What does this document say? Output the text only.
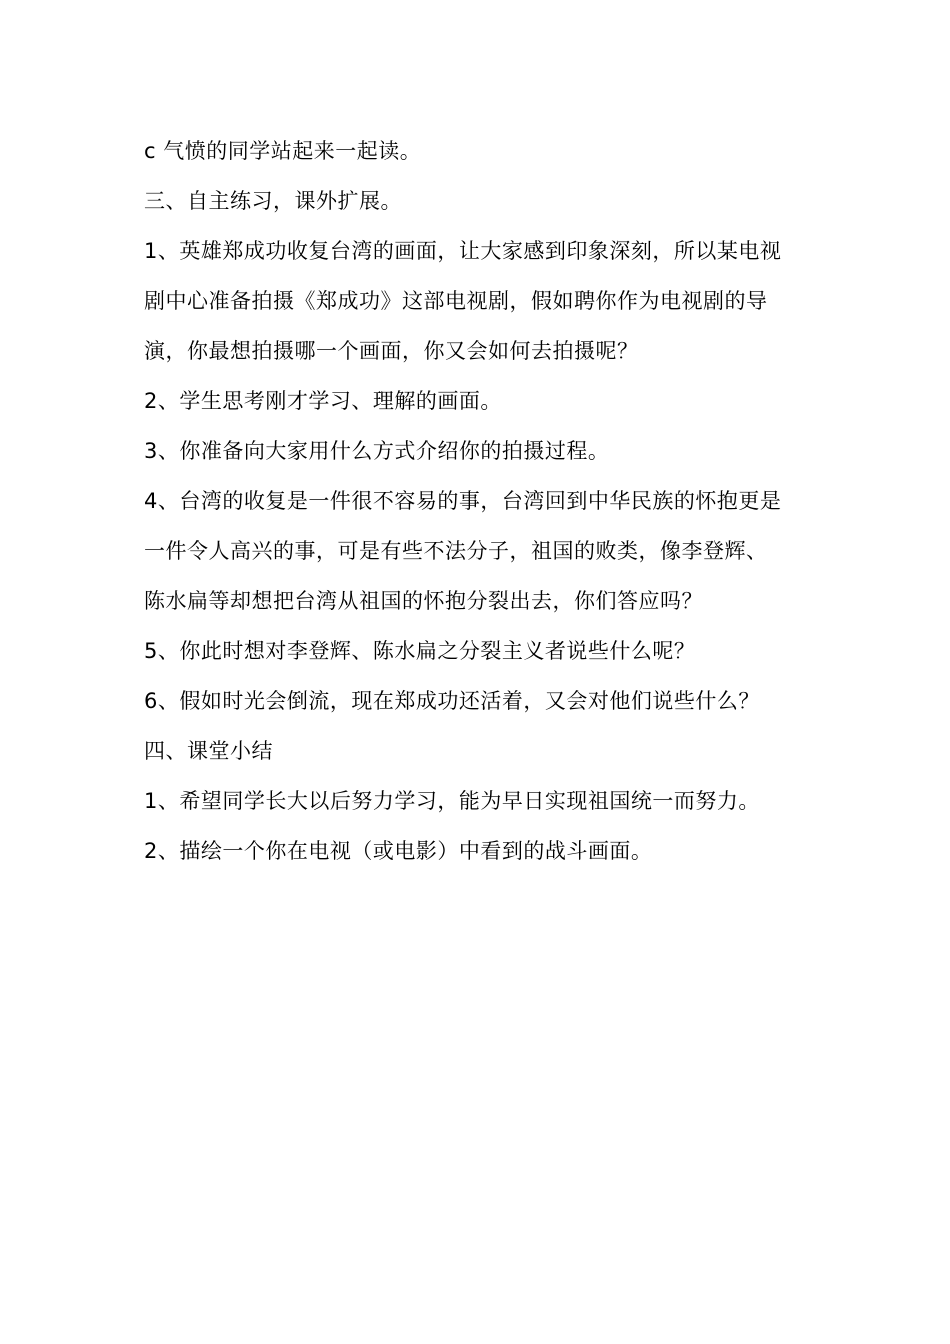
c 气愤的同学站起来一起读。
三、自主练习，课外扩展。
1、英雄郑成功收复台湾的画面，让大家感到印象深刻，所以某电视
剧中心准备拍摄《郑成功》这部电视剧，假如聘你作为电视剧的导
演，你最想拍摄哪一个画面，你又会如何去拍摄呢？
2、学生思考刚才学习、理解的画面。
3、你准备向大家用什么方式介绍你的拍摄过程。
4、台湾的收复是一件很不容易的事，台湾回到中华民族的怀抱更是
一件令人高兴的事，可是有些不法分子，祖国的败类，像李登辉、
陈水扁等却想把台湾从祖国的怀抱分裂出去，你们答应吗？
5、你此时想对李登辉、陈水扁之分裂主义者说些什么呢？
6、假如时光会倒流，现在郑成功还活着，又会对他们说些什么？
四、课堂小结
1、希望同学长大以后努力学习，能为早日实现祖国统一而努力。
2、描绘一个你在电视（或电影）中看到的战斗画面。
